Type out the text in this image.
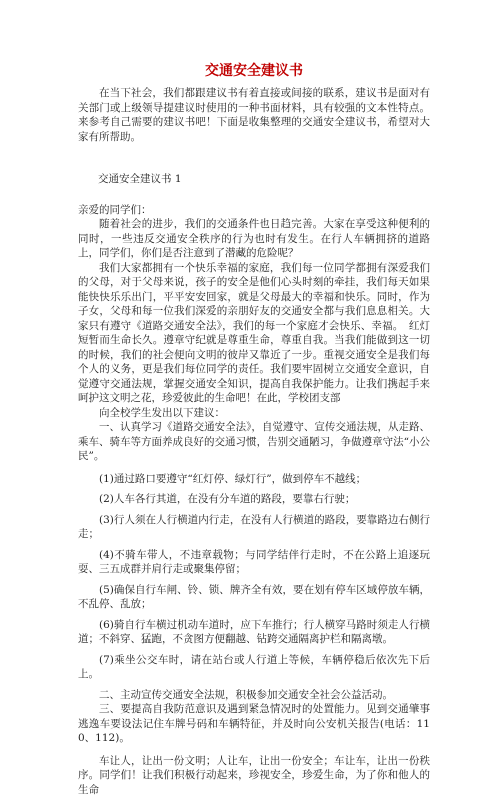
交通安全建议书

在当下社会，我们都跟建议书有着直接或间接的联系，建议书是面对有关部门或上级领导提建议时使用的一种书面材料，具有较强的文本性特点。来参考自己需要的建议书吧！下面是收集整理的交通安全建议书，希望对大家有所帮助。

交通安全建议书 1

亲爱的同学们：

随着社会的进步，我们的交通条件也日趋完善。大家在享受这种便利的同时，一些违反交通安全秩序的行为也时有发生。在行人车辆拥挤的道路上，同学们，你们是否注意到了潜藏的危险呢？

我们大家都拥有一个快乐幸福的家庭，我们每一位同学都拥有深爱我们的父母，对于父母来说，孩子的安全是他们心头时刻的牵挂，我们每天如果能快快乐乐出门，平平安安回家，就是父母最大的幸福和快乐。同时，作为子女，父母和每一位我们深爱的亲朋好友的交通安全都与我们息息相关。大家只有遵守《道路交通安全法》，我们的每一个家庭才会快乐、幸福。　红灯短暂而生命长久。遵章守纪就是尊重生命，尊重自我。当我们能做到这一切的时候，我们的社会便向文明的彼岸又靠近了一步。重视交通安全是我们每个人的义务，更是我们每位同学的责任。我们要牢固树立交通安全意识，自觉遵守交通法规，掌握交通安全知识，提高自我保护能力。让我们携起手来呵护这文明之花，珍爱彼此的生命吧！在此，学校团支部

向全校学生发出以下建议：

一、认真学习《道路交通安全法》，自觉遵守、宣传交通法规，从走路、乘车、骑车等方面养成良好的交通习惯，告别交通陋习，争做遵章守法“小公民”。

(1)通过路口要遵守“红灯停、绿灯行”，做到停车不越线；

(2)人车各行其道，在没有分车道的路段，要靠右行驶；

(3)行人须在人行横道内行走，在没有人行横道的路段，要靠路边右侧行走；

(4)不骑车带人，不违章载物；与同学结伴行走时，不在公路上追逐玩耍、三五成群并肩行走或聚集停留；

(5)确保自行车闸、铃、锁、牌齐全有效，要在划有停车区域停放车辆，不乱停、乱放；

(6)骑自行车横过机动车道时，应下车推行；行人横穿马路时须走人行横道；不斜穿、猛跑，不贪图方便翻越、钻跨交通隔离护栏和隔离墩。

(7)乘坐公交车时，请在站台或人行道上等候，车辆停稳后依次先下后上。

二、主动宣传交通安全法规，积极参加交通安全社会公益活动。

三、要提高自我防范意识及遇到紧急情况时的处置能力。见到交通肇事逃逸车要设法记住车牌号码和车辆特征，并及时向公安机关报告(电话：110、112)。

车让人，让出一份文明；人让车，让出一份安全；车让车，让出一份秩序。同学们！让我们积极行动起来，珍视安全，珍爱生命，为了你和他人的生命
